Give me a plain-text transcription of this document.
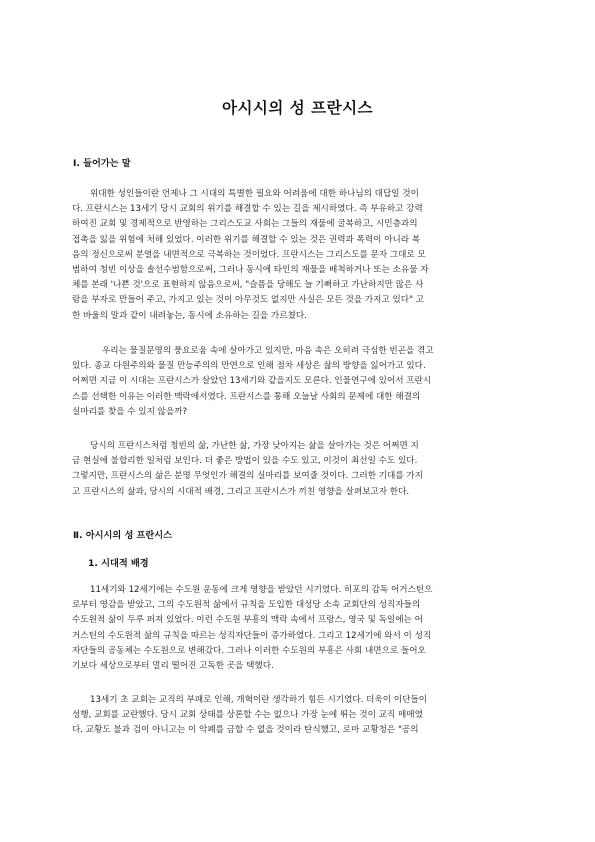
아시시의 성 프란시스
Ⅰ. 들어가는 말

위대한 성인들이란 언제나 그 시대의 특별한 필요와 어려움에 대한 하나님의 대답일 것이
다. 프란시스는 13세기 당시 교회의 위기를 해결할 수 있는 길을 제시하였다. 즉 부유하고 강력
하여진 교회 및 경제적으로 반영하는 그리스도교 사회는 그들의 재물에 굴복하고, 시민층과의
접촉을 잃을 위험에 처해 있었다. 이러한 위기를 해결할 수 있는 것은 권력과 폭력이 아니라 복
음의 정신으로써 분열을 내면적으로 극복하는 것이었다. 프란시스는 그리스도를 문자 그대로 모
범하여 청빈 이상을 솔선수범함으로써, 그러나 동시에 타인의 재물을 배척하거나 또는 소유물 자
체를 본래 '나쁜 것'으로 표현하지 않음으로써, "슬픔을 당해도 늘 기뻐하고 가난하지만 많은 사
람을 부자로 만들어 주고, 가지고 있는 것이 아무것도 없지만 사실은 모든 것을 가지고 있다" 고
한 바울의 말과 같이 내려놓는, 동시에 소유하는 길을 가르쳤다.

우리는 물질문명의 풍요로움 속에 살아가고 있지만, 마음 속은 오히려 극심한 빈곤을 겪고
있다. 종교 다원주의와 물질 만능주의의 만연으로 인해 점차 세상은 삶의 방향을 잃어가고 있다.
어쩌면 지금 이 시대는 프란시스가 살았던 13세기와 같을지도 모른다. 인물연구에 있어서 프란시
스를 선택한 이유는 이러한 맥락에서였다. 프란시스를 통해 오늘날 사회의 문제에 대한 해결의
실마리를 찾을 수 있지 않을까?

당시의 프란시스처럼 청빈의 삶, 가난한 삶, 가장 낮아지는 삶을 살아가는 것은 어쩌면 지
금 현실에 불합리한 일처럼 보인다. 더 좋은 방법이 있을 수도 있고, 이것이 최선일 수도 있다.
그렇지만, 프란시스의 삶은 분명 무엇인가 해결의 실마리를 보여줄 것이다. 그러한 기대를 가지
고 프란시스의 삶과, 당시의 시대적 배경, 그리고 프란시스가 끼친 영향을 살펴보고자 한다.

Ⅱ. 아시시의 성 프란시스
1. 시대적 배경

11세기와 12세기에는 수도원 운동에 크게 영향을 받았던 시기였다. 히포의 감독 어거스틴으
로부터 영감을 받았고, 그의 수도원적 삶에서 규칙을 도입한 대성당 소속 교회단의 성직자들의
수도원적 삶이 두루 퍼져 있었다. 이런 수도원 부흥의 맥락 속에서 프랑스, 영국 및 독일에는 어
거스틴의 수도원적 삶의 규칙을 따르는 성직자단들이 증가하였다. 그리고 12세기에 와서 이 성직
자단들의 공동체는 수도원으로 변해갔다. 그러나 이러한 수도원의 부흥은 사회 내면으로 들어오
기보다 세상으로부터 멀리 떨어진 고독한 곳을 택했다.

13세기 초 교회는 교직의 부패로 인해, 개혁이란 생각하기 힘든 시기였다. 더욱이 이단들이
성행, 교회를 교란했다. 당시 교회 상태를 상론할 수는 없으나 가장 눈에 뛰는 것이 교직 매매였
다. 교황도 불과 검이 아니고는 이 악폐를 금할 수 없을 것이라 탄식했고, 로마 교황청은 "공의
